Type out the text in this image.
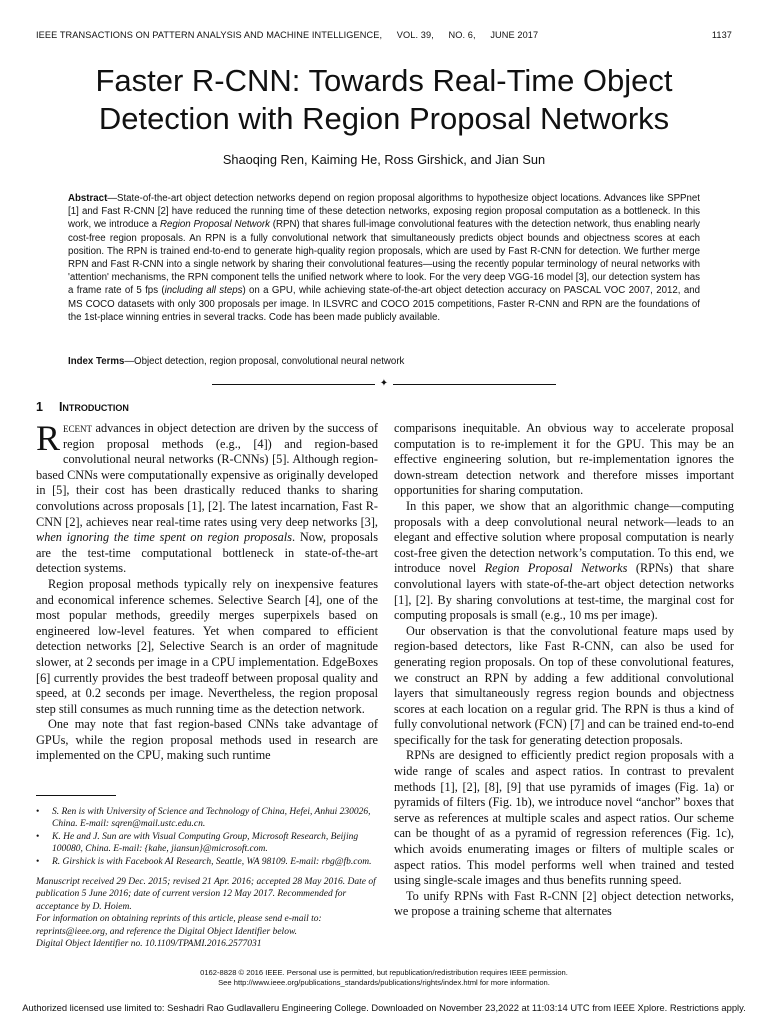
IEEE TRANSACTIONS ON PATTERN ANALYSIS AND MACHINE INTELLIGENCE, VOL. 39, NO. 6, JUNE 2017	1137
Faster R-CNN: Towards Real-Time Object Detection with Region Proposal Networks
Shaoqing Ren, Kaiming He, Ross Girshick, and Jian Sun

Abstract—State-of-the-art object detection networks depend on region proposal algorithms to hypothesize object locations. Advances like SPPnet [1] and Fast R-CNN [2] have reduced the running time of these detection networks, exposing region proposal computation as a bottleneck. In this work, we introduce a Region Proposal Network (RPN) that shares full-image convolutional features with the detection network, thus enabling nearly cost-free region proposals. An RPN is a fully convolutional network that simultaneously predicts object bounds and objectness scores at each position. The RPN is trained end-to-end to generate high-quality region proposals, which are used by Fast R-CNN for detection. We further merge RPN and Fast R-CNN into a single network by sharing their convolutional features—using the recently popular terminology of neural networks with 'attention' mechanisms, the RPN component tells the unified network where to look. For the very deep VGG-16 model [3], our detection system has a frame rate of 5 fps (including all steps) on a GPU, while achieving state-of-the-art object detection accuracy on PASCAL VOC 2007, 2012, and MS COCO datasets with only 300 proposals per image. In ILSVRC and COCO 2015 competitions, Faster R-CNN and RPN are the foundations of the 1st-place winning entries in several tracks. Code has been made publicly available.

Index Terms—Object detection, region proposal, convolutional neural network

✦
1 Introduction

Recent advances in object detection are driven by the success of region proposal methods (e.g., [4]) and region-based convolutional neural networks (R-CNNs) [5]. Although region-based CNNs were computationally expensive as originally developed in [5], their cost has been drastically reduced thanks to sharing convolutions across proposals [1], [2]. The latest incarnation, Fast R-CNN [2], achieves near real-time rates using very deep networks [3], when ignoring the time spent on region proposals. Now, proposals are the test-time computational bottleneck in state-of-the-art detection systems.

Region proposal methods typically rely on inexpensive features and economical inference schemes. Selective Search [4], one of the most popular methods, greedily merges superpixels based on engineered low-level features. Yet when compared to efficient detection networks [2], Selective Search is an order of magnitude slower, at 2 seconds per image in a CPU implementation. EdgeBoxes [6] currently provides the best tradeoff between proposal quality and speed, at 0.2 seconds per image. Nevertheless, the region proposal step still consumes as much running time as the detection network.

One may note that fast region-based CNNs take advantage of GPUs, while the region proposal methods used in research are implemented on the CPU, making such runtime

comparisons inequitable. An obvious way to accelerate proposal computation is to re-implement it for the GPU. This may be an effective engineering solution, but re-implementation ignores the down-stream detection network and therefore misses important opportunities for sharing computation.

In this paper, we show that an algorithmic change—computing proposals with a deep convolutional neural network—leads to an elegant and effective solution where proposal computation is nearly cost-free given the detection network’s computation. To this end, we introduce novel Region Proposal Networks (RPNs) that share convolutional layers with state-of-the-art object detection networks [1], [2]. By sharing convolutions at test-time, the marginal cost for computing proposals is small (e.g., 10 ms per image).

Our observation is that the convolutional feature maps used by region-based detectors, like Fast R-CNN, can also be used for generating region proposals. On top of these convolutional features, we construct an RPN by adding a few additional convolutional layers that simultaneously regress region bounds and objectness scores at each location on a regular grid. The RPN is thus a kind of fully convolutional network (FCN) [7] and can be trained end-to-end specifically for the task for generating detection proposals.

RPNs are designed to efficiently predict region proposals with a wide range of scales and aspect ratios. In contrast to prevalent methods [1], [2], [8], [9] that use pyramids of images (Fig. 1a) or pyramids of filters (Fig. 1b), we introduce novel “anchor” boxes that serve as references at multiple scales and aspect ratios. Our scheme can be thought of as a pyramid of regression references (Fig. 1c), which avoids enumerating images or filters of multiple scales or aspect ratios. This model performs well when trained and tested using single-scale images and thus benefits running speed.

To unify RPNs with Fast R-CNN [2] object detection networks, we propose a training scheme that alternates

• S. Ren is with University of Science and Technology of China, Hefei, Anhui 230026, China. E-mail: sqren@mail.ustc.edu.cn.
• K. He and J. Sun are with Visual Computing Group, Microsoft Research, Beijing 100080, China. E-mail: {kahe, jiansun}@microsoft.com.
• R. Girshick is with Facebook AI Research, Seattle, WA 98109. E-mail: rbg@fb.com.

Manuscript received 29 Dec. 2015; revised 21 Apr. 2016; accepted 28 May 2016. Date of publication 5 June 2016; date of current version 12 May 2017. Recommended for acceptance by D. Hoiem.

For information on obtaining reprints of this article, please send e-mail to: reprints@ieee.org, and reference the Digital Object Identifier below.

Digital Object Identifier no. 10.1109/TPAMI.2016.2577031

0162-8828 © 2016 IEEE. Personal use is permitted, but republication/redistribution requires IEEE permission.
See http://www.ieee.org/publications_standards/publications/rights/index.html for more information.
Authorized licensed use limited to: Seshadri Rao Gudlavalleru Engineering College. Downloaded on November 23,2022 at 11:03:14 UTC from IEEE Xplore. Restrictions apply.
